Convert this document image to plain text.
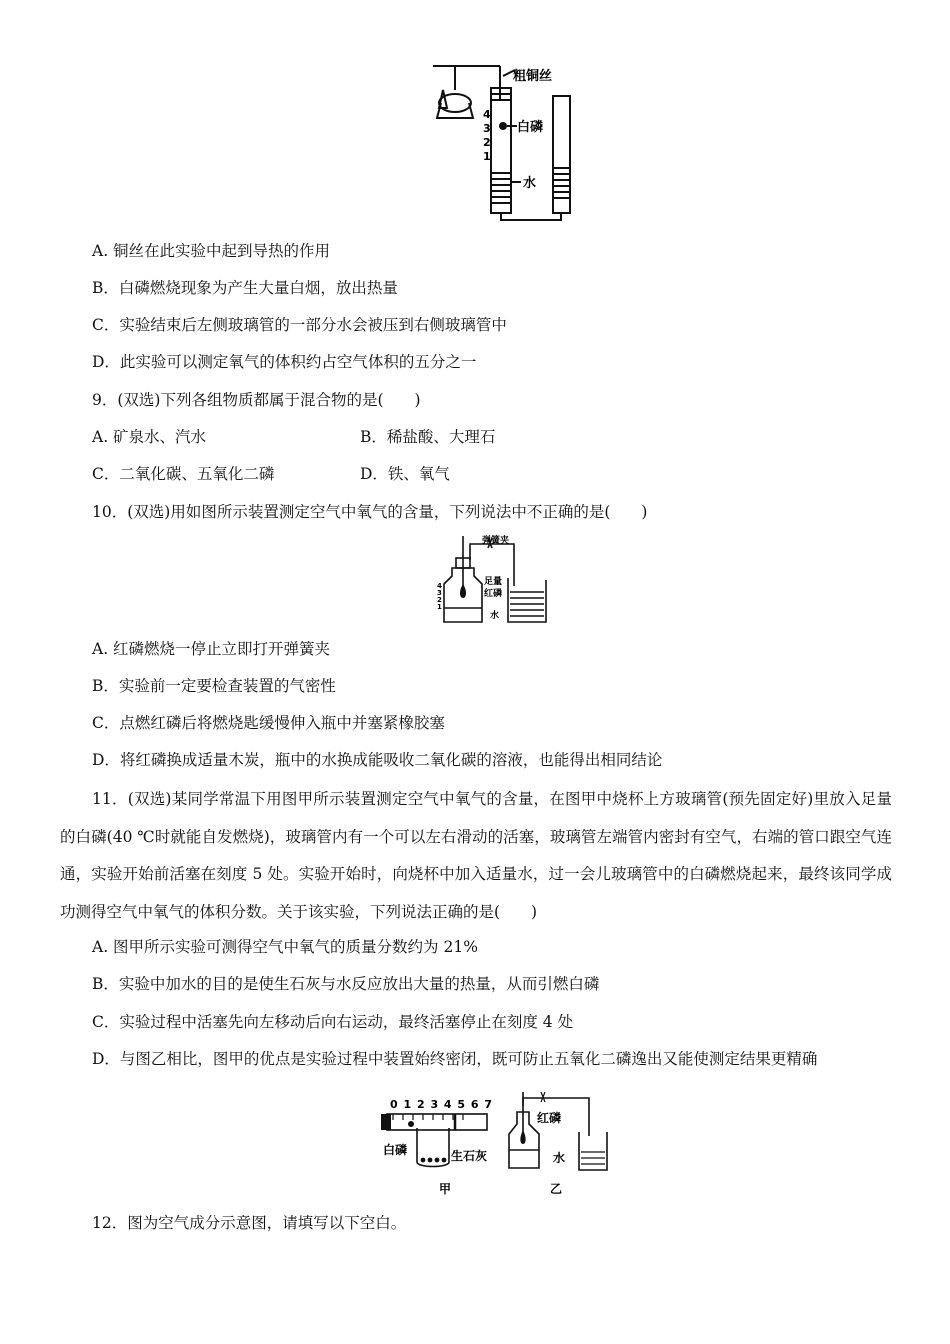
粗铜丝
白磷
水
4
3
2
1
A. 铜丝在此实验中起到导热的作用
B．白磷燃烧现象为产生大量白烟，放出热量
C．实验结束后左侧玻璃管的一部分水会被压到右侧玻璃管中
D．此实验可以测定氧气的体积约占空气体积的五分之一
9．(双选)下列各组物质都属于混合物的是(　　)
A. 矿泉水、汽水	B．稀盐酸、大理石
C．二氧化碳、五氧化二磷	D．铁、氧气
10．(双选)用如图所示装置测定空气中氧气的含量，下列说法中不正确的是(　　)
弹簧夹
足量
红磷
水
4
3
2
1
A. 红磷燃烧一停止立即打开弹簧夹
B．实验前一定要检查装置的气密性
C．点燃红磷后将燃烧匙缓慢伸入瓶中并塞紧橡胶塞
D．将红磷换成适量木炭，瓶中的水换成能吸收二氧化碳的溶液，也能得出相同结论
11．(双选)某同学常温下用图甲所示装置测定空气中氧气的含量，在图甲中烧杯上方玻璃管(预先固定好)里放入足量的白磷(40 ℃时就能自发燃烧)，玻璃管内有一个可以左右滑动的活塞，玻璃管左端管内密封有空气，右端的管口跟空气连通，实验开始前活塞在刻度 5 处。实验开始时，向烧杯中加入适量水，过一会儿玻璃管中的白磷燃烧起来，最终该同学成功测得空气中氧气的体积分数。关于该实验，下列说法正确的是(　　)
A. 图甲所示实验可测得空气中氧气的质量分数约为 21%
B．实验中加水的目的是使生石灰与水反应放出大量的热量，从而引燃白磷
C．实验过程中活塞先向左移动后向右运动，最终活塞停止在刻度 4 处
D．与图乙相比，图甲的优点是实验过程中装置始终密闭，既可防止五氧化二磷逸出又能使测定结果更精确
0 1 2 3 4 5 6 7
白磷	生石灰
甲
红磷
水
乙
12．图为空气成分示意图，请填写以下空白。
